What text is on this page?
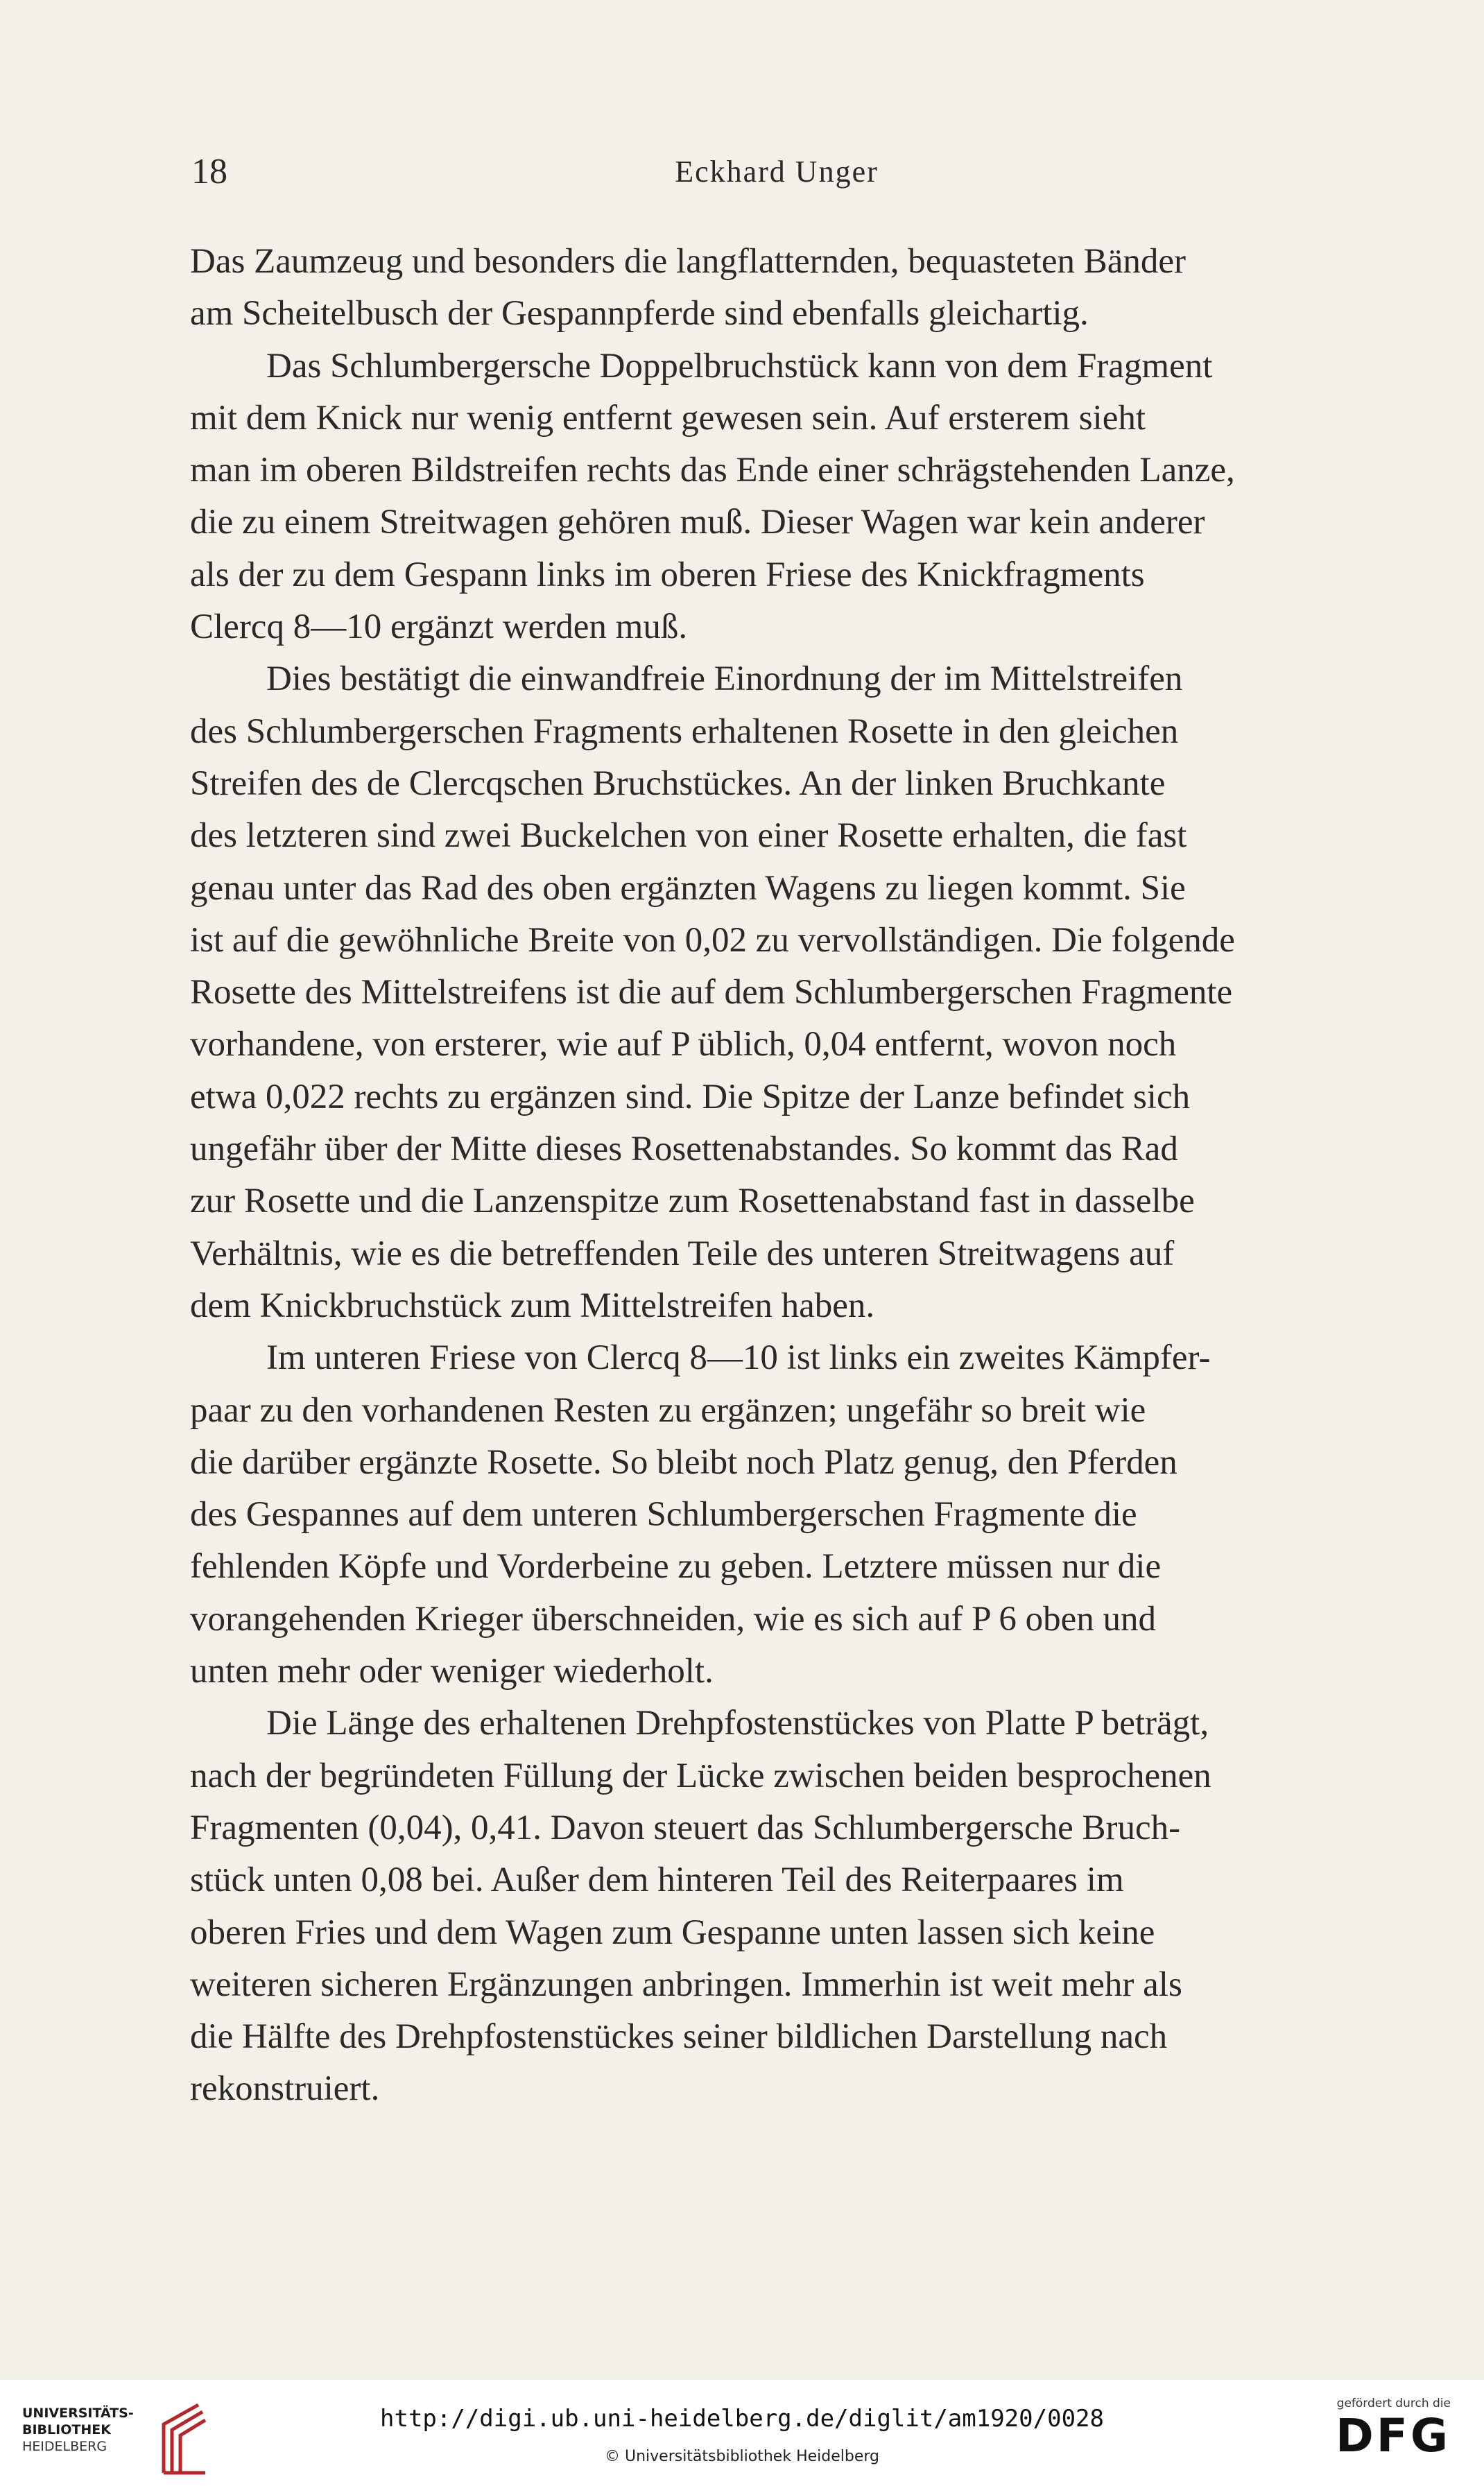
18	Eckhard Unger
Das Zaumzeug und besonders die langflatternden, bequasteten Bänder
am Scheitelbusch der Gespannpferde sind ebenfalls gleichartig.
Das Schlumbergersche Doppelbruchstück kann von dem Fragment
mit dem Knick nur wenig entfernt gewesen sein. Auf ersterem sieht
man im oberen Bildstreifen rechts das Ende einer schrägstehenden Lanze,
die zu einem Streitwagen gehören muß. Dieser Wagen war kein anderer
als der zu dem Gespann links im oberen Friese des Knickfragments
Clercq 8—10 ergänzt werden muß.
Dies bestätigt die einwandfreie Einordnung der im Mittelstreifen
des Schlumbergerschen Fragments erhaltenen Rosette in den gleichen
Streifen des de Clercqschen Bruchstückes. An der linken Bruchkante
des letzteren sind zwei Buckelchen von einer Rosette erhalten, die fast
genau unter das Rad des oben ergänzten Wagens zu liegen kommt. Sie
ist auf die gewöhnliche Breite von 0,02 zu vervollständigen. Die folgende
Rosette des Mittelstreifens ist die auf dem Schlumbergerschen Fragmente
vorhandene, von ersterer, wie auf P üblich, 0,04 entfernt, wovon noch
etwa 0,022 rechts zu ergänzen sind. Die Spitze der Lanze befindet sich
ungefähr über der Mitte dieses Rosettenabstandes. So kommt das Rad
zur Rosette und die Lanzenspitze zum Rosettenabstand fast in dasselbe
Verhältnis, wie es die betreffenden Teile des unteren Streitwagens auf
dem Knickbruchstück zum Mittelstreifen haben.
Im unteren Friese von Clercq 8—10 ist links ein zweites Kämpfer-
paar zu den vorhandenen Resten zu ergänzen; ungefähr so breit wie
die darüber ergänzte Rosette. So bleibt noch Platz genug, den Pferden
des Gespannes auf dem unteren Schlumbergerschen Fragmente die
fehlenden Köpfe und Vorderbeine zu geben. Letztere müssen nur die
vorangehenden Krieger überschneiden, wie es sich auf P 6 oben und
unten mehr oder weniger wiederholt.
Die Länge des erhaltenen Drehpfostenstückes von Platte P beträgt,
nach der begründeten Füllung der Lücke zwischen beiden besprochenen
Fragmenten (0,04), 0,41. Davon steuert das Schlumbergersche Bruch-
stück unten 0,08 bei. Außer dem hinteren Teil des Reiterpaares im
oberen Fries und dem Wagen zum Gespanne unten lassen sich keine
weiteren sicheren Ergänzungen anbringen. Immerhin ist weit mehr als
die Hälfte des Drehpfostenstückes seiner bildlichen Darstellung nach
rekonstruiert.
UNIVERSITÄTS-
BIBLIOTHEK
HEIDELBERG
http://digi.ub.uni-heidelberg.de/diglit/am1920/0028
© Universitätsbibliothek Heidelberg
gefördert durch die
DFG
